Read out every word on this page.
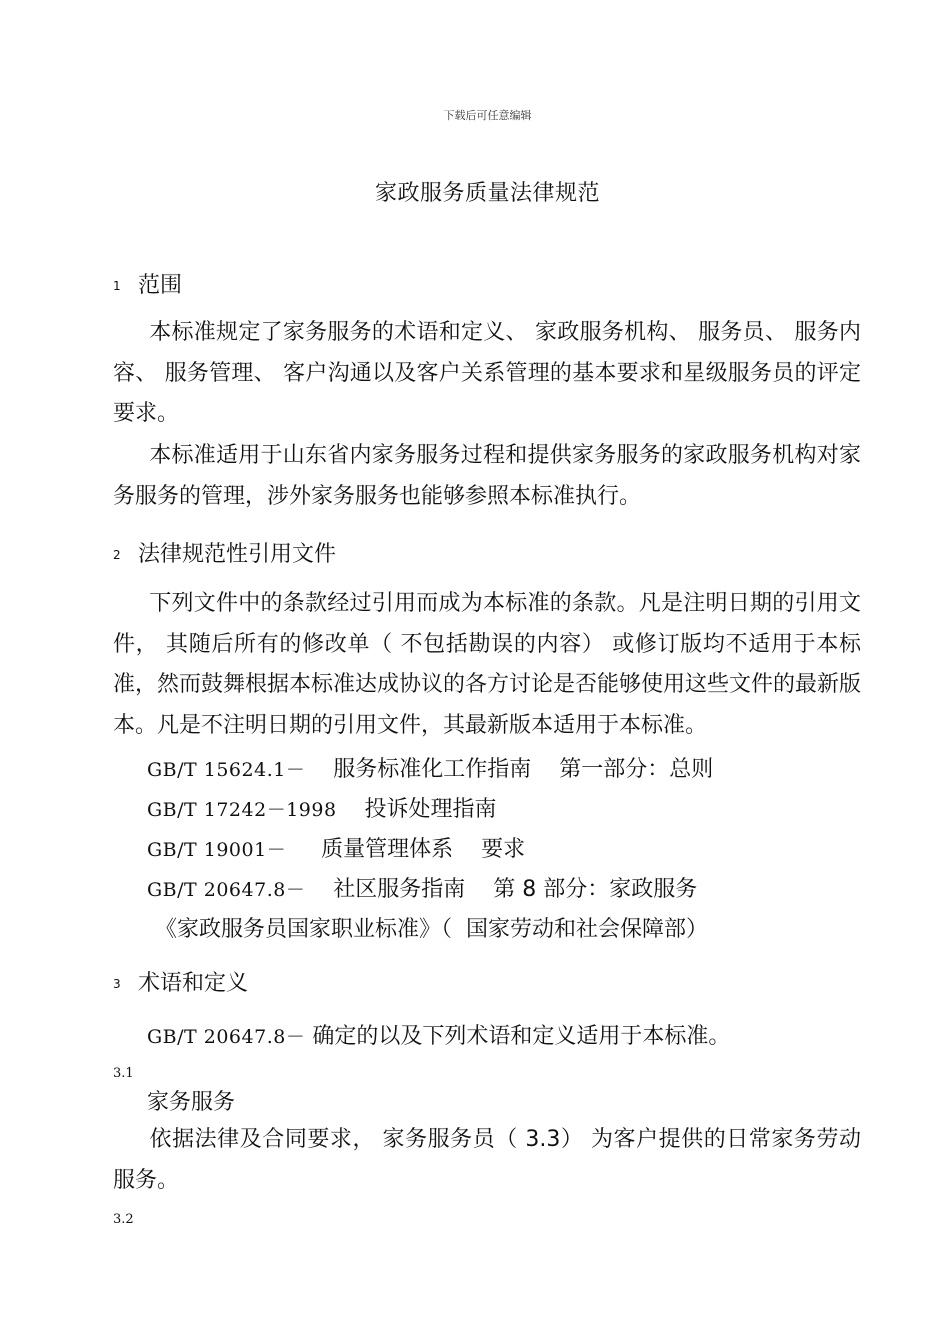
下载后可任意编辑
家政服务质量法律规范
1 范围
本标准规定了家务服务的术语和定义、 家政服务机构、 服务员、 服务内容、 服务管理、 客户沟通以及客户关系管理的基本要求和星级服务员的评定要求。
本标准适用于山东省内家务服务过程和提供家务服务的家政服务机构对家务服务的管理，涉外家务服务也能够参照本标准执行。
2 法律规范性引用文件
下列文件中的条款经过引用而成为本标准的条款。凡是注明日期的引用文件， 其随后所有的修改单（ 不包括勘误的内容） 或修订版均不适用于本标准，然而鼓舞根据本标准达成协议的各方讨论是否能够使用这些文件的最新版本。凡是不注明日期的引用文件，其最新版本适用于本标准。
GB/T 15624.1－    服务标准化工作指南    第一部分：总则
GB/T 17242－1998    投诉处理指南
GB/T 19001－     质量管理体系    要求
GB/T 20647.8－    社区服务指南    第 8 部分：家政服务
《家政服务员国家职业标准》（  国家劳动和社会保障部）
3 术语和定义
GB/T 20647.8－ 确定的以及下列术语和定义适用于本标准。
3.1
家务服务
依据法律及合同要求， 家务服务员（ 3.3） 为客户提供的日常家务劳动服务。
3.2
